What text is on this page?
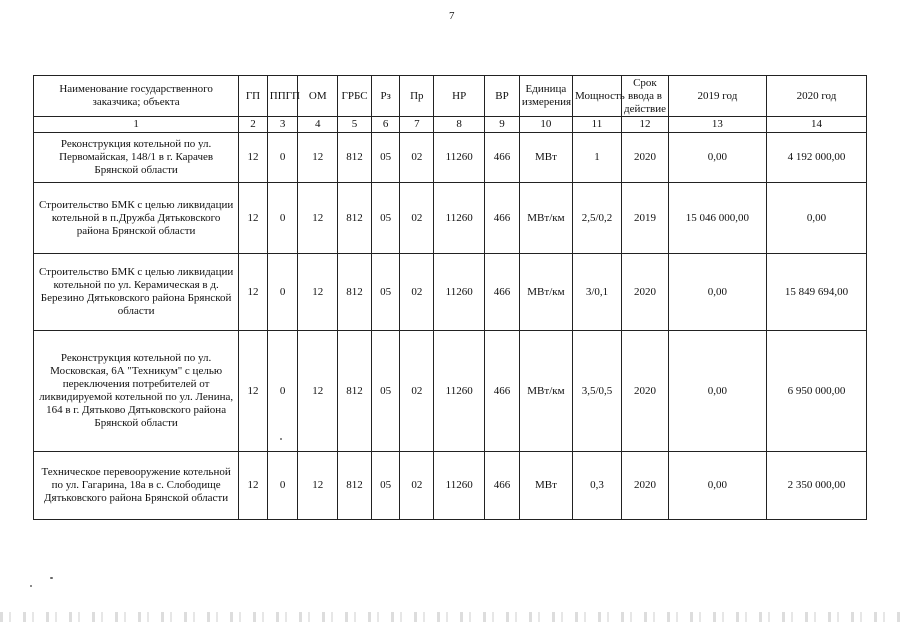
7
Наименование государственного заказчика; объекта	ГП	ППГП	ОМ	ГРБС	Рз	Пр	НР	ВР	Единица измерения	Мощность	Срок ввода в действие	2019 год	2020 год
1	2	3	4	5	6	7	8	9	10	11	12	13	14
Реконструкция котельной по ул. Первомайская, 148/1 в г. Карачев Брянской области	12	0	12	812	05	02	11260	466	МВт	1	2020	0,00	4 192 000,00
Строительство БМК с целью ликвидации котельной в п.Дружба Дятьковского района Брянской области	12	0	12	812	05	02	11260	466	МВт/км	2,5/0,2	2019	15 046 000,00	0,00
Строительство БМК с целью ликвидации котельной по ул. Керамическая в д. Березино Дятьковского района Брянской области	12	0	12	812	05	02	11260	466	МВт/км	3/0,1	2020	0,00	15 849 694,00
Реконструкция котельной по ул. Московская, 6А "Техникум" с целью переключения потребителей от ликвидируемой котельной по ул. Ленина, 164 в г. Дятьково Дятьковского района Брянской области	12	0	12	812	05	02	11260	466	МВт/км	3,5/0,5	2020	0,00	6 950 000,00
Техническое перевооружение котельной по ул. Гагарина, 18а в с. Слободище Дятьковского района Брянской области	12	0	12	812	05	02	11260	466	МВт	0,3	2020	0,00	2 350 000,00
